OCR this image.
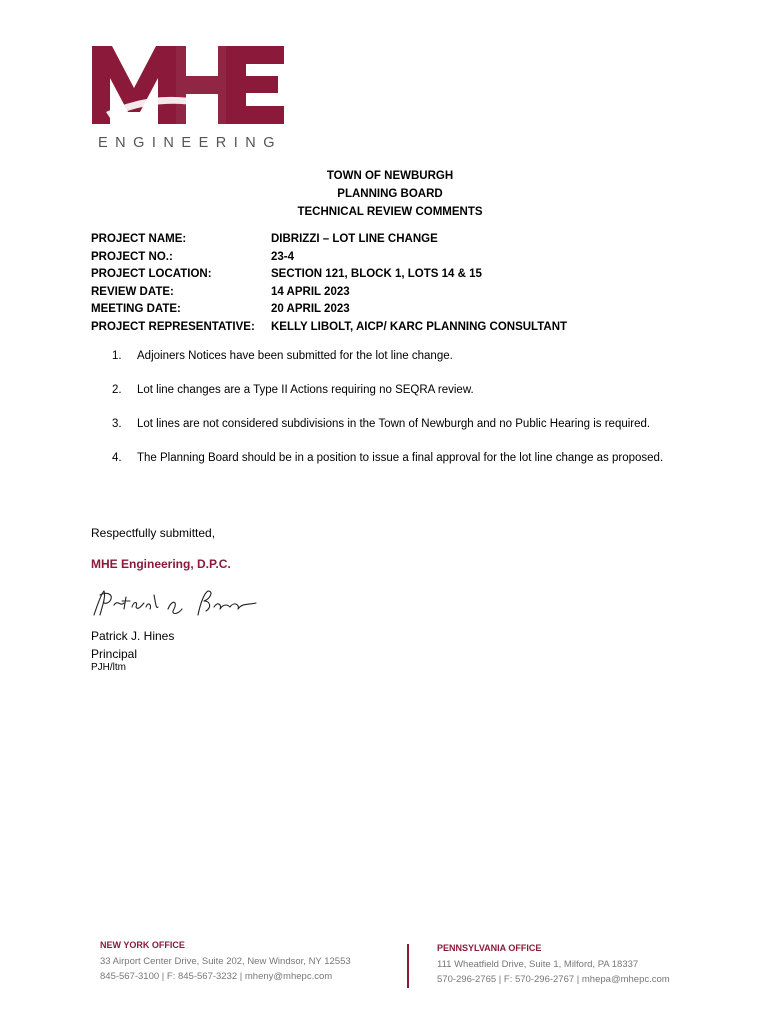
ENGINEERING
TOWN OF NEWBURGH
PLANNING BOARD
TECHNICAL REVIEW COMMENTS
PROJECT NAME:	DIBRIZZI – LOT LINE CHANGE
PROJECT NO.:	23-4
PROJECT LOCATION:	SECTION 121, BLOCK 1, LOTS 14 & 15
REVIEW DATE:	14 APRIL 2023
MEETING DATE:	20 APRIL 2023
PROJECT REPRESENTATIVE:	KELLY LIBOLT, AICP/ KARC PLANNING CONSULTANT
1.	Adjoiners Notices have been submitted for the lot line change.
2.	Lot line changes are a Type II Actions requiring no SEQRA review.
3.	Lot lines are not considered subdivisions in the Town of Newburgh and no Public Hearing is required.
4.	The Planning Board should be in a position to issue a final approval for the lot line change as proposed.
Respectfully submitted,
MHE Engineering, D.P.C.
Patrick J. Hines
Principal
PJH/ltm
NEW YORK OFFICE
33 Airport Center Drive, Suite 202, New Windsor, NY 12553
845-567-3100 | F: 845-567-3232 | mheny@mhepc.com
PENNSYLVANIA OFFICE
111 Wheatfield Drive, Suite 1, Milford, PA 18337
570-296-2765 | F: 570-296-2767 | mhepa@mhepc.com
